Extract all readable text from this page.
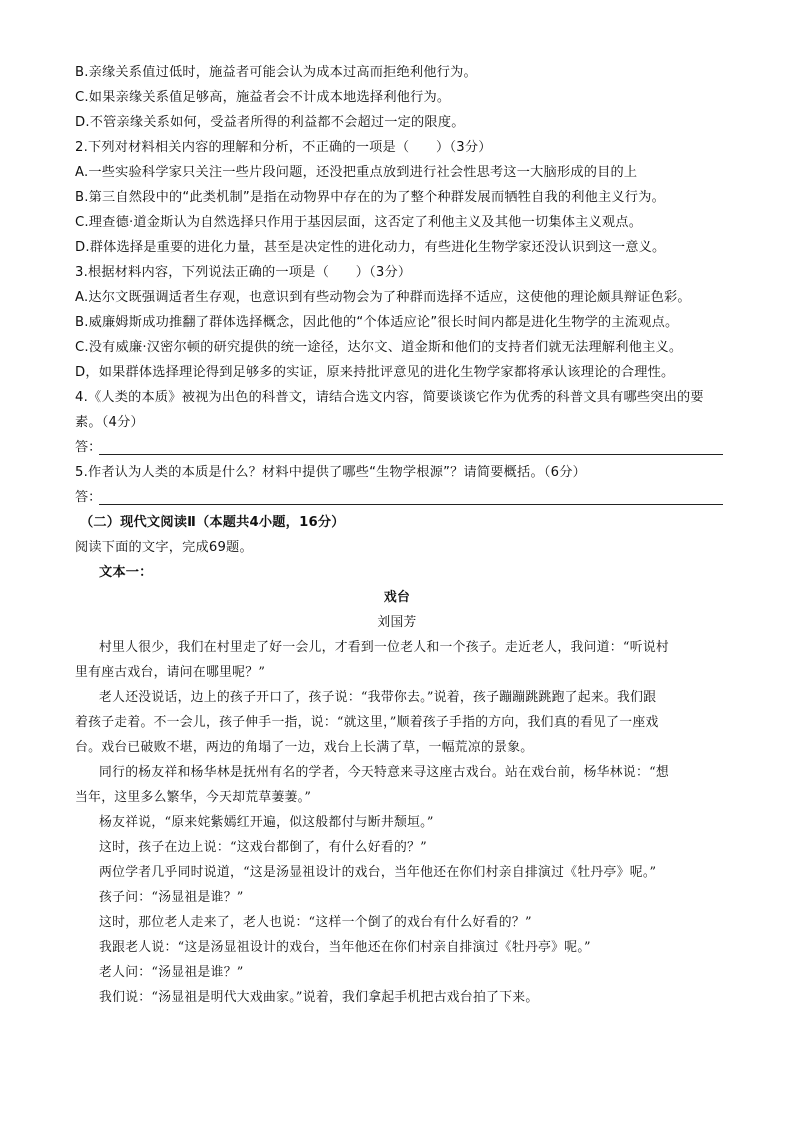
B.亲缘关系值过低时，施益者可能会认为成本过高而拒绝利他行为。
C.如果亲缘关系值足够高，施益者会不计成本地选择利他行为。
D.不管亲缘关系如何，受益者所得的利益都不会超过一定的限度。
2.下列对材料相关内容的理解和分析，不正确的一项是（　　）（3分）
A.一些实验科学家只关注一些片段问题，还没把重点放到进行社会性思考这一大脑形成的目的上
B.第三自然段中的“此类机制”是指在动物界中存在的为了整个种群发展而牺牲自我的利他主义行为。
C.理查德·道金斯认为自然选择只作用于基因层面，这否定了利他主义及其他一切集体主义观点。
D.群体选择是重要的进化力量，甚至是决定性的进化动力，有些进化生物学家还没认识到这一意义。
3.根据材料内容，下列说法正确的一项是（　　）（3分）
A.达尔文既强调适者生存观，也意识到有些动物会为了种群而选择不适应，这使他的理论颇具辩证色彩。
B.威廉姆斯成功推翻了群体选择概念，因此他的“个体适应论”很长时间内都是进化生物学的主流观点。
C.没有威廉·汉密尔顿的研究提供的统一途径，达尔文、道金斯和他们的支持者们就无法理解利他主义。
D，如果群体选择理论得到足够多的实证，原来持批评意见的进化生物学家都将承认该理论的合理性。
4.《人类的本质》被视为出色的科普文，请结合选文内容，简要谈谈它作为优秀的科普文具有哪些突出的要
素。（4分）
答：
5.作者认为人类的本质是什么？材料中提供了哪些“生物学根源”？请简要概括。（6分）
答：
（二）现代文阅读Ⅱ（本题共4小题，16分）
阅读下面的文字，完成69题。
文本一：
戏台
刘国芳
村里人很少，我们在村里走了好一会儿，才看到一位老人和一个孩子。走近老人，我问道：“听说村
里有座古戏台，请问在哪里呢？”
老人还没说话，边上的孩子开口了，孩子说：“我带你去。”说着，孩子蹦蹦跳跳跑了起来。我们跟
着孩子走着。不一会儿，孩子伸手一指，说：“就这里，”顺着孩子手指的方向，我们真的看见了一座戏
台。戏台已破败不堪，两边的角塌了一边，戏台上长满了草，一幅荒凉的景象。
同行的杨友祥和杨华林是抚州有名的学者，今天特意来寻这座古戏台。站在戏台前，杨华林说：“想
当年，这里多么繁华，今天却荒草萋萋。”
杨友祥说，“原来姹紫嫣红开遍，似这般都付与断井颓垣。”
这时，孩子在边上说：“这戏台都倒了，有什么好看的？”
两位学者几乎同时说道，“这是汤显祖设计的戏台，当年他还在你们村亲自排演过《牡丹亭》呢。”
孩子问：“汤显祖是谁？”
这时，那位老人走来了，老人也说：“这样一个倒了的戏台有什么好看的？”
我跟老人说：“这是汤显祖设计的戏台，当年他还在你们村亲自排演过《牡丹亭》呢。”
老人问：“汤显祖是谁？”
我们说：“汤显祖是明代大戏曲家。”说着，我们拿起手机把古戏台拍了下来。
